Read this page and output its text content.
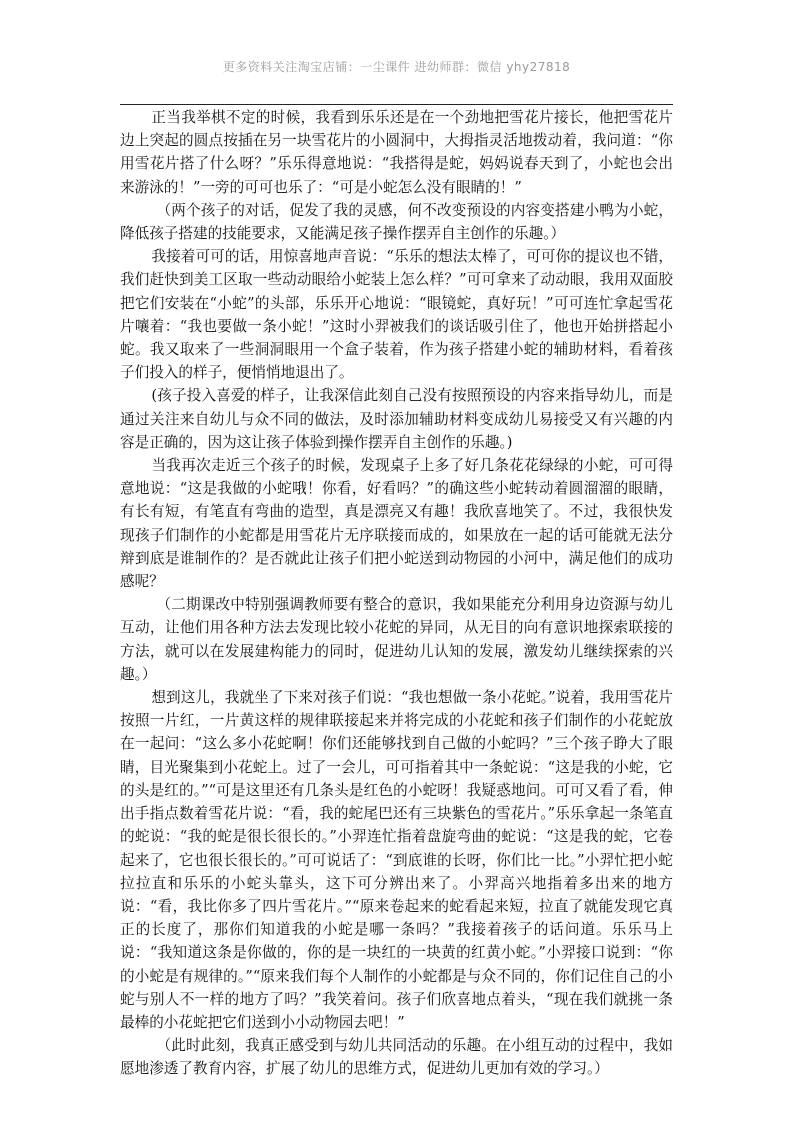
更多资料关注淘宝店铺：一尘课件 进幼师群：微信 yhy27818

正当我举棋不定的时候，我看到乐乐还是在一个劲地把雪花片接长，他把雪花片边上突起的圆点按插在另一块雪花片的小圆洞中，大拇指灵活地拨动着，我问道：“你用雪花片搭了什么呀？”乐乐得意地说：“我搭得是蛇，妈妈说春天到了，小蛇也会出来游泳的！”一旁的可可也乐了：“可是小蛇怎么没有眼睛的！”

（两个孩子的对话，促发了我的灵感，何不改变预设的内容变搭建小鸭为小蛇，降低孩子搭建的技能要求，又能满足孩子操作摆弄自主创作的乐趣。）

我接着可可的话，用惊喜地声音说：“乐乐的想法太棒了，可可你的提议也不错，我们赶快到美工区取一些动动眼给小蛇装上怎么样？”可可拿来了动动眼，我用双面胶把它们安装在“小蛇”的头部，乐乐开心地说：“眼镜蛇，真好玩！”可可连忙拿起雪花片嚷着：“我也要做一条小蛇！”这时小羿被我们的谈话吸引住了，他也开始拼搭起小蛇。我又取来了一些洞洞眼用一个盒子装着，作为孩子搭建小蛇的辅助材料，看着孩子们投入的样子，便悄悄地退出了。

(孩子投入喜爱的样子，让我深信此刻自己没有按照预设的内容来指导幼儿，而是通过关注来自幼儿与众不同的做法，及时添加辅助材料变成幼儿易接受又有兴趣的内容是正确的，因为这让孩子体验到操作摆弄自主创作的乐趣。)

当我再次走近三个孩子的时候，发现桌子上多了好几条花花绿绿的小蛇，可可得意地说：“这是我做的小蛇哦！你看，好看吗？”的确这些小蛇转动着圆溜溜的眼睛，有长有短，有笔直有弯曲的造型，真是漂亮又有趣！我欣喜地笑了。不过，我很快发现孩子们制作的小蛇都是用雪花片无序联接而成的，如果放在一起的话可能就无法分辩到底是谁制作的？是否就此让孩子们把小蛇送到动物园的小河中，满足他们的成功感呢？

（二期课改中特别强调教师要有整合的意识，我如果能充分利用身边资源与幼儿互动，让他们用各种方法去发现比较小花蛇的异同，从无目的向有意识地探索联接的方法，就可以在发展建构能力的同时，促进幼儿认知的发展，激发幼儿继续探索的兴趣。）

想到这儿，我就坐了下来对孩子们说：“我也想做一条小花蛇。”说着，我用雪花片按照一片红，一片黄这样的规律联接起来并将完成的小花蛇和孩子们制作的小花蛇放在一起问：“这么多小花蛇啊！你们还能够找到自己做的小蛇吗？”三个孩子睁大了眼睛，目光聚集到小花蛇上。过了一会儿，可可指着其中一条蛇说：“这是我的小蛇，它的头是红的。”“可是这里还有几条头是红色的小蛇呀！我疑惑地问。可可又看了看，伸出手指点数着雪花片说：“看，我的蛇尾巴还有三块紫色的雪花片。”乐乐拿起一条笔直的蛇说：“我的蛇是很长很长的。”小羿连忙指着盘旋弯曲的蛇说：“这是我的蛇，它卷起来了，它也很长很长的。”可可说话了：“到底谁的长呀，你们比一比。”小羿忙把小蛇拉拉直和乐乐的小蛇头靠头，这下可分辨出来了。小羿高兴地指着多出来的地方说：“看，我比你多了四片雪花片。”“原来卷起来的蛇看起来短，拉直了就能发现它真正的长度了，那你们知道我的小蛇是哪一条吗？”我接着孩子的话问道。乐乐马上说：“我知道这条是你做的，你的是一块红的一块黄的红黄小蛇。”小羿接口说到：“你的小蛇是有规律的。”“原来我们每个人制作的小蛇都是与众不同的，你们记住自己的小蛇与别人不一样的地方了吗？”我笑着问。孩子们欣喜地点着头，“现在我们就挑一条最棒的小花蛇把它们送到小小动物园去吧！”

（此时此刻，我真正感受到与幼儿共同活动的乐趣。在小组互动的过程中，我如愿地渗透了教育内容，扩展了幼儿的思维方式，促进幼儿更加有效的学习。）
